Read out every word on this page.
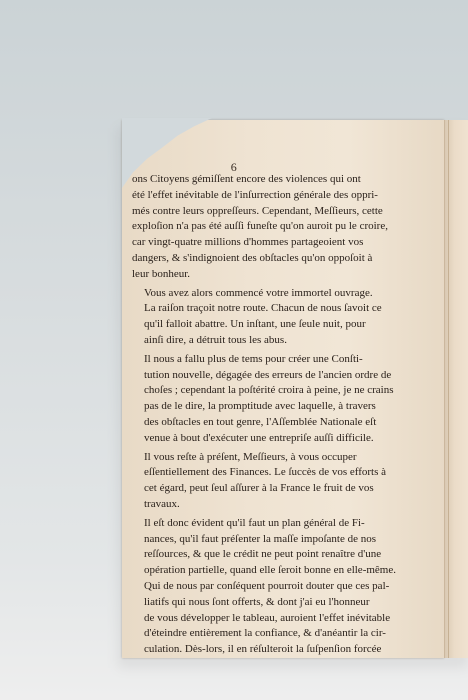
6
ons Citoyens gémiſſent encore des violences qui ont
été l'effet inévitable de l'inſurrection générale des oppri-
més contre leurs oppreſſeurs. Cependant, Meſſieurs, cette
exploſion n'a pas été auſſi funeſte qu'on auroit pu le croire,
car vingt-quatre millions d'hommes partageoient vos
dangers, & s'indignoient des obſtacles qu'on oppoſoit à
leur bonheur.
Vous avez alors commencé votre immortel ouvrage.
La raiſon traçoit notre route. Chacun de nous ſavoit ce
qu'il falloit abattre. Un inſtant, une ſeule nuit, pour
ainſi dire, a détruit tous les abus.
Il nous a fallu plus de tems pour créer une Conſti-
tution nouvelle, dégagée des erreurs de l'ancien ordre de
choſes ; cependant la poſtérité croira à peine, je ne crains
pas de le dire, la promptitude avec laquelle, à travers
des obſtacles en tout genre, l'Aſſemblée Nationale eſt
venue à bout d'exécuter une entrepriſe auſſi difficile.
Il vous reſte à préſent, Meſſieurs, à vous occuper
eſſentiellement des Finances. Le ſuccès de vos efforts à
cet égard, peut ſeul aſſurer à la France le fruit de vos
travaux.
Il eſt donc évident qu'il faut un plan général de Fi-
nances, qu'il faut préſenter la maſſe impoſante de nos
reſſources, & que le crédit ne peut point renaître d'une
opération partielle, quand elle ſeroit bonne en elle-même.
Qui de nous par conſéquent pourroit douter que ces pal-
liatifs qui nous ſont offerts, & dont j'ai eu l'honneur
de vous développer le tableau, auroient l'effet inévitable
d'éteindre entièrement la confiance, & d'anéantir la cir-
culation. Dès-lors, il en réſulteroit la ſuſpenſion forcée
